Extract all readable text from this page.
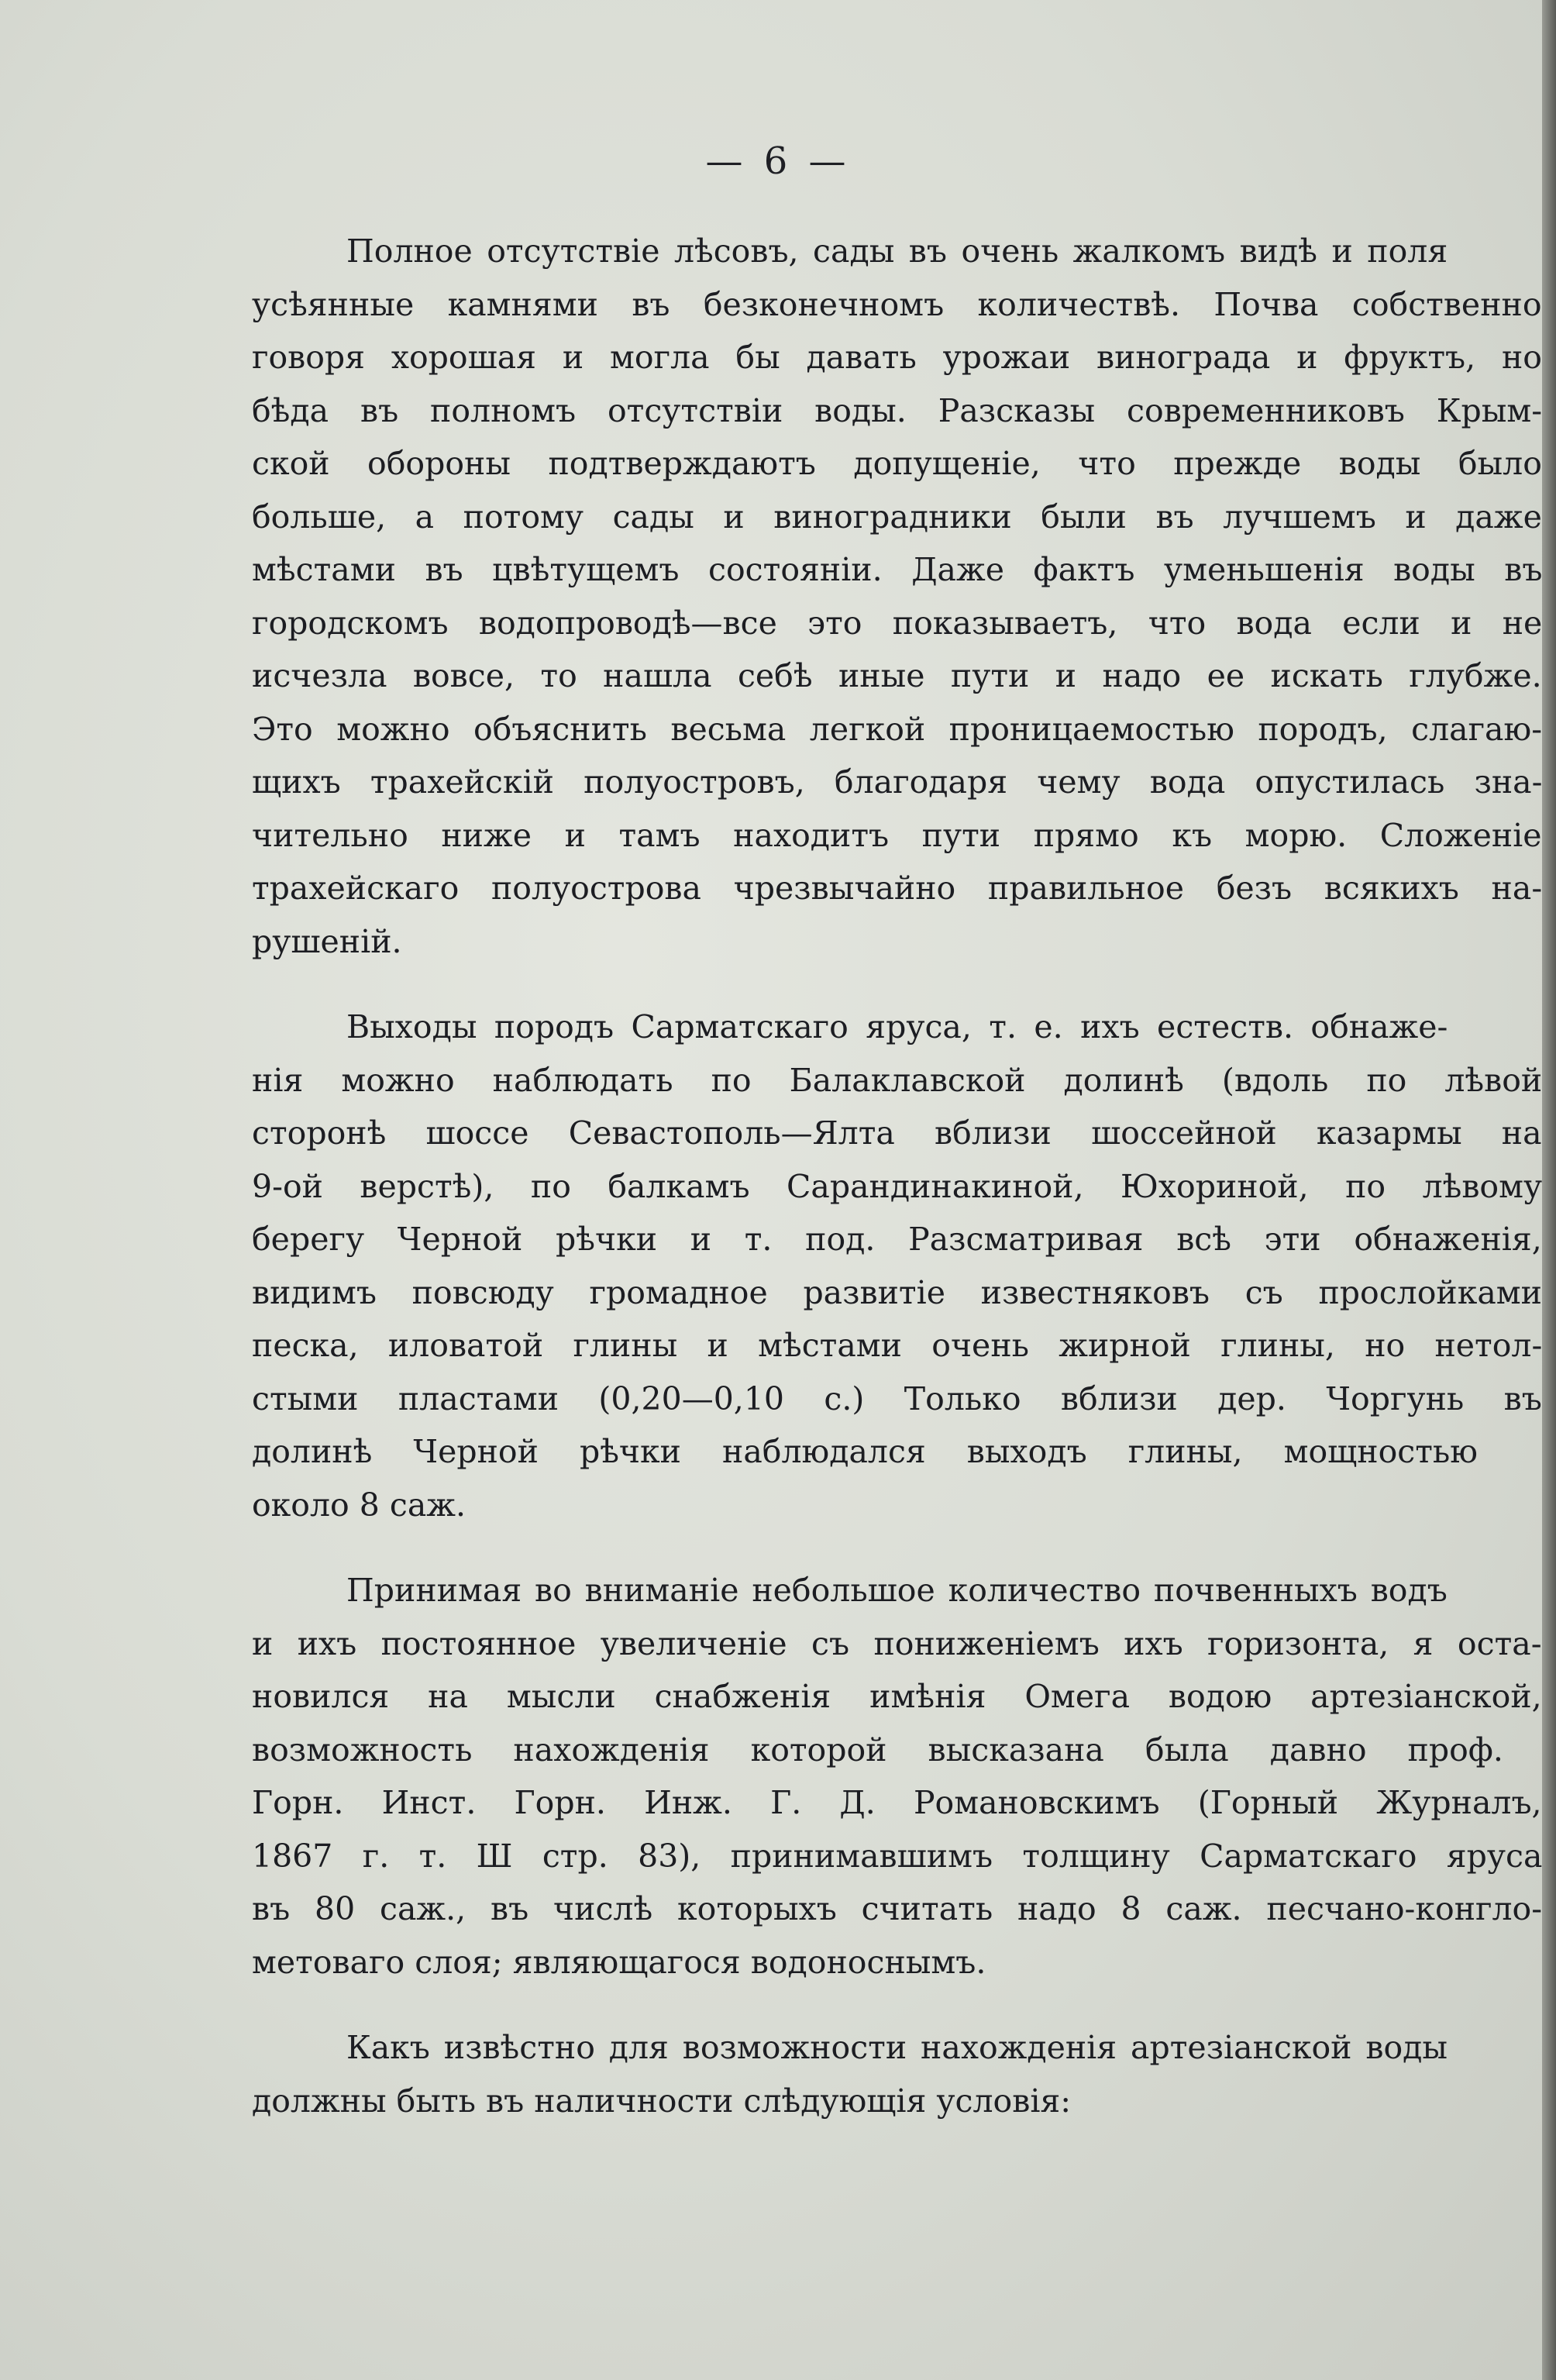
— 6 —
Полное отсутствiе лѣсовъ, сады въ очень жалкомъ видѣ и поля
усѣянные камнями въ безконечномъ количествѣ. Почва собственно
говоря хорошая и могла бы давать урожаи винограда и фруктъ, но
бѣда въ полномъ отсутствiи воды. Разсказы современниковъ Крым-
ской обороны подтверждаютъ допущенiе, что прежде воды было
больше, а потому сады и виноградники были въ лучшемъ и даже
мѣстами въ цвѣтущемъ состоянiи. Даже фактъ уменьшенiя воды въ
городскомъ водопроводѣ—все это показываетъ, что вода если и не
исчезла вовсе, то нашла себѣ иные пути и надо ее искать глубже.
Это можно объяснить весьма легкой проницаемостью породъ, слагаю-
щихъ трахейскiй полуостровъ, благодаря чему вода опустилась зна-
чительно ниже и тамъ находитъ пути прямо къ морю. Сложенiе
трахейскаго полуострова чрезвычайно правильное безъ всякихъ на-
рушенiй.
Выходы породъ Сарматскаго яруса, т. е. ихъ естеств. обнаже-
нiя можно наблюдать по Балаклавской долинѣ (вдоль по лѣвой
сторонѣ шоссе Севастополь—Ялта вблизи шоссейной казармы на
9-ой верстѣ), по балкамъ Сарандинакиной, Юхориной, по лѣвому
берегу Черной рѣчки и т. под. Разсматривая всѣ эти обнаженiя,
видимъ повсюду громадное развитiе известняковъ съ прослойками
песка, иловатой глины и мѣстами очень жирной глины, но нетол-
стыми пластами (0,20—0,10 с.) Только вблизи дер. Чоргунь въ
долинѣ Черной рѣчки наблюдался выходъ глины, мощностью
около 8 саж.
Принимая во вниманiе небольшое количество почвенныхъ водъ
и ихъ постоянное увеличенiе съ пониженiемъ ихъ горизонта, я оста-
новился на мысли снабженiя имѣнiя Омега водою артезiанской,
возможность нахожденiя которой высказана была давно проф.
Горн. Инст. Горн. Инж. Г. Д. Романовскимъ (Горный Журналъ,
1867 г. т. Ш стр. 83), принимавшимъ толщину Сарматскаго яруса
въ 80 саж., въ числѣ которыхъ считать надо 8 саж. песчано-конгло-
метоваго слоя; являющагося водоноснымъ.
Какъ извѣстно для возможности нахожденiя артезiанской воды
должны быть въ наличности слѣдующiя условiя:
